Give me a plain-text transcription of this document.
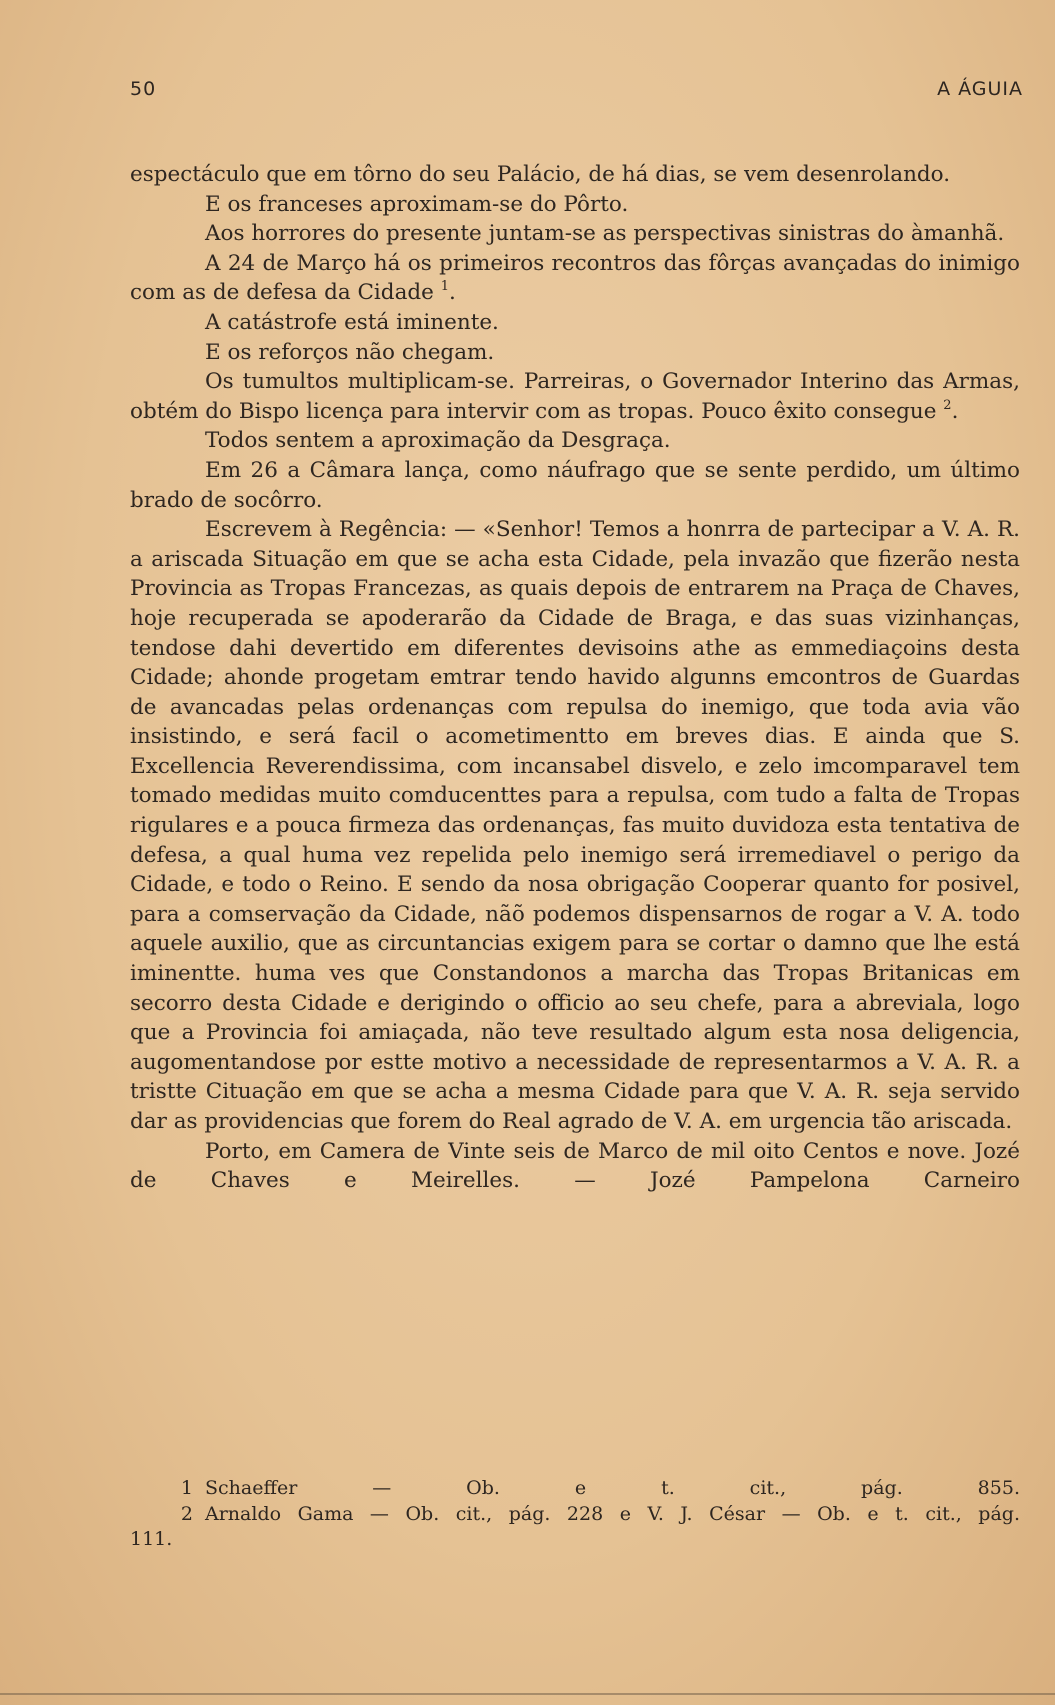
50	A ÁGUIA

espectáculo que em tôrno do seu Palácio, de há dias, se vem desenrolando.

E os franceses aproximam-se do Pôrto.

Aos horrores do presente juntam-se as perspectivas sinistras do àmanhã.

A 24 de Março há os primeiros recontros das fôrças avançadas do inimigo com as de defesa da Cidade $^1$.

A catástrofe está iminente.

E os reforços não chegam.

Os tumultos multiplicam-se. Parreiras, o Governador Interino das Armas, obtém do Bispo licença para intervir com as tropas. Pouco êxito consegue $^2$.

Todos sentem a aproximação da Desgraça.

Em 26 a Câmara lança, como náufrago que se sente perdido, um último brado de socôrro.

Escrevem à Regência: — «Senhor! Temos a honrra de partecipar a V. A. R. a ariscada Situação em que se acha esta Cidade, pela invazão que fizerão nesta Provincia as Tropas Francezas, as quais depois de entrarem na Praça de Chaves, hoje recuperada se apoderarão da Cidade de Braga, e das suas vizinhanças, tendose dahi devertido em diferentes devisoins athe as emmediaçoins desta Cidade; ahonde progetam emtrar tendo havido algunns emcontros de Guardas de avancadas pelas ordenanças com repulsa do inemigo, que toda avia vão insistindo, e será facil o acometimentto em breves dias. E ainda que S. Excellencia Reverendissima, com incansabel disvelo, e zelo imcomparavel tem tomado medidas muito comducenttes para a repulsa, com tudo a falta de Tropas rigulares e a pouca firmeza das ordenanças, fas muito duvidoza esta tentativa de defesa, a qual huma vez repelida pelo inemigo será irremediavel o perigo da Cidade, e todo o Reino. E sendo da nosa obrigação Cooperar quanto for posivel, para a comservação da Cidade, nãõ podemos dispensarnos de rogar a V. A. todo aquele auxilio, que as circuntancias exigem para se cortar o damno que lhe está iminentte. huma ves que Constandonos a marcha das Tropas Britanicas em secorro desta Cidade e derigindo o officio ao seu chefe, para a abreviala, logo que a Provincia foi amiaçada, não teve resultado algum esta nosa deligencia, augomentandose por estte motivo a necessidade de representarmos a V. A. R. a tristte Cituação em que se acha a mesma Cidade para que V. A. R. seja servido dar as providencias que forem do Real agrado de V. A. em urgencia tão ariscada.

Porto, em Camera de Vinte seis de Marco de mil oito Centos e nove. Jozé de Chaves e Meirelles. — Jozé Pampelona Carneiro

1 Schaeffer — Ob. e t. cit., pág. 855.
2 Arnaldo Gama — Ob. cit., pág. 228 e V. J. César — Ob. e t. cit., pág.
111.
